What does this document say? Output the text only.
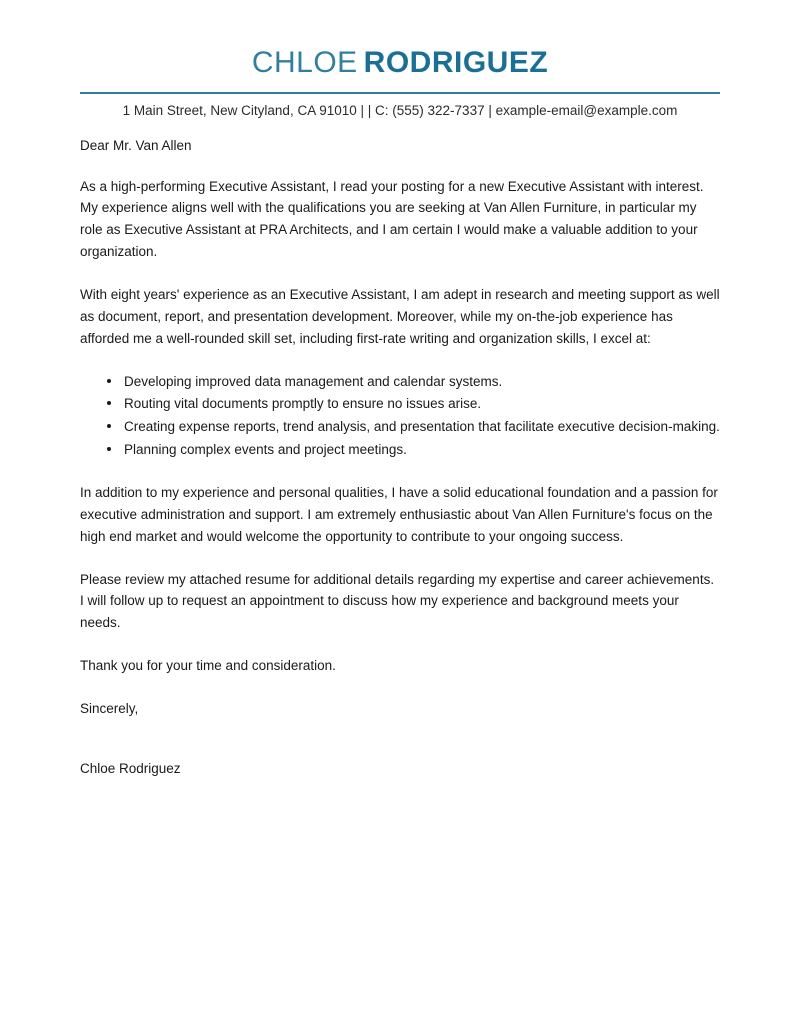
CHLOE RODRIGUEZ
1 Main Street, New Cityland, CA 91010 | | C: (555) 322-7337 | example-email@example.com
Dear Mr. Van Allen

As a high-performing Executive Assistant, I read your posting for a new Executive Assistant with interest. My experience aligns well with the qualifications you are seeking at Van Allen Furniture, in particular my role as Executive Assistant at PRA Architects, and I am certain I would make a valuable addition to your organization.

With eight years' experience as an Executive Assistant, I am adept in research and meeting support as well as document, report, and presentation development. Moreover, while my on-the-job experience has afforded me a well-rounded skill set, including first-rate writing and organization skills, I excel at:

Developing improved data management and calendar systems.
Routing vital documents promptly to ensure no issues arise.
Creating expense reports, trend analysis, and presentation that facilitate executive decision-making.
Planning complex events and project meetings.

In addition to my experience and personal qualities, I have a solid educational foundation and a passion for executive administration and support. I am extremely enthusiastic about Van Allen Furniture's focus on the high end market and would welcome the opportunity to contribute to your ongoing success.

Please review my attached resume for additional details regarding my expertise and career achievements. I will follow up to request an appointment to discuss how my experience and background meets your needs.

Thank you for your time and consideration.
Sincerely,
Chloe Rodriguez
